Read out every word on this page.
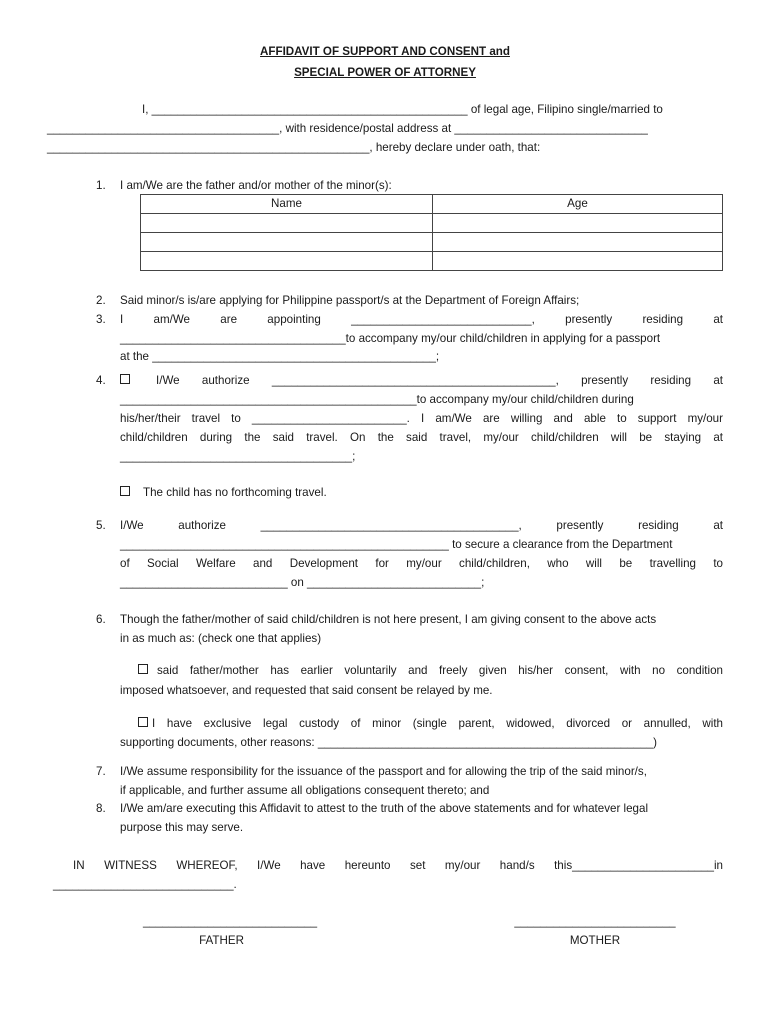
AFFIDAVIT OF SUPPORT AND CONSENT and
SPECIAL POWER OF ATTORNEY
I, _________________________________________________ of legal age, Filipino single/married to
____________________________________, with residence/postal address at ______________________________
__________________________________________________, hereby declare under oath, that:
1. I am/We are the father and/or mother of the minor(s):
Name	Age

2. Said minor/s is/are applying for Philippine passport/s at the Department of Foreign Affairs;
3. I am/We are appointing ____________________________, presently residing at
___________________________________to accompany my/our child/children in applying for a passport
at the ____________________________________________;
4.	I/We authorize ____________________________________________, presently residing at
______________________________________________to accompany my/our child/children during
his/her/their travel to ________________________. I am/We are willing and able to support my/our
child/children during the said travel. On the said travel, my/our child/children will be staying at
____________________________________;
The child has no forthcoming travel.
5. I/We authorize ________________________________________, presently residing at
___________________________________________________ to secure a clearance from the Department
of Social Welfare and Development for my/our child/children, who will be travelling to
__________________________ on ___________________________;
6. Though the father/mother of said child/children is not here present, I am giving consent to the above acts
in as much as: (check one that applies)
said father/mother has earlier voluntarily and freely given his/her consent, with no condition
imposed whatsoever, and requested that said consent be relayed by me.
I have exclusive legal custody of minor (single parent, widowed, divorced or annulled, with
supporting documents, other reasons: ____________________________________________________)
7. I/We assume responsibility for the issuance of the passport and for allowing the trip of the said minor/s,
if applicable, and further assume all obligations consequent thereto; and
8. I/We am/are executing this Affidavit to attest to the truth of the above statements and for whatever legal
purpose this may serve.
IN WITNESS WHEREOF, I/We have hereunto set my/our hand/s this______________________in
____________________________.
___________________________
FATHER
_________________________
MOTHER
